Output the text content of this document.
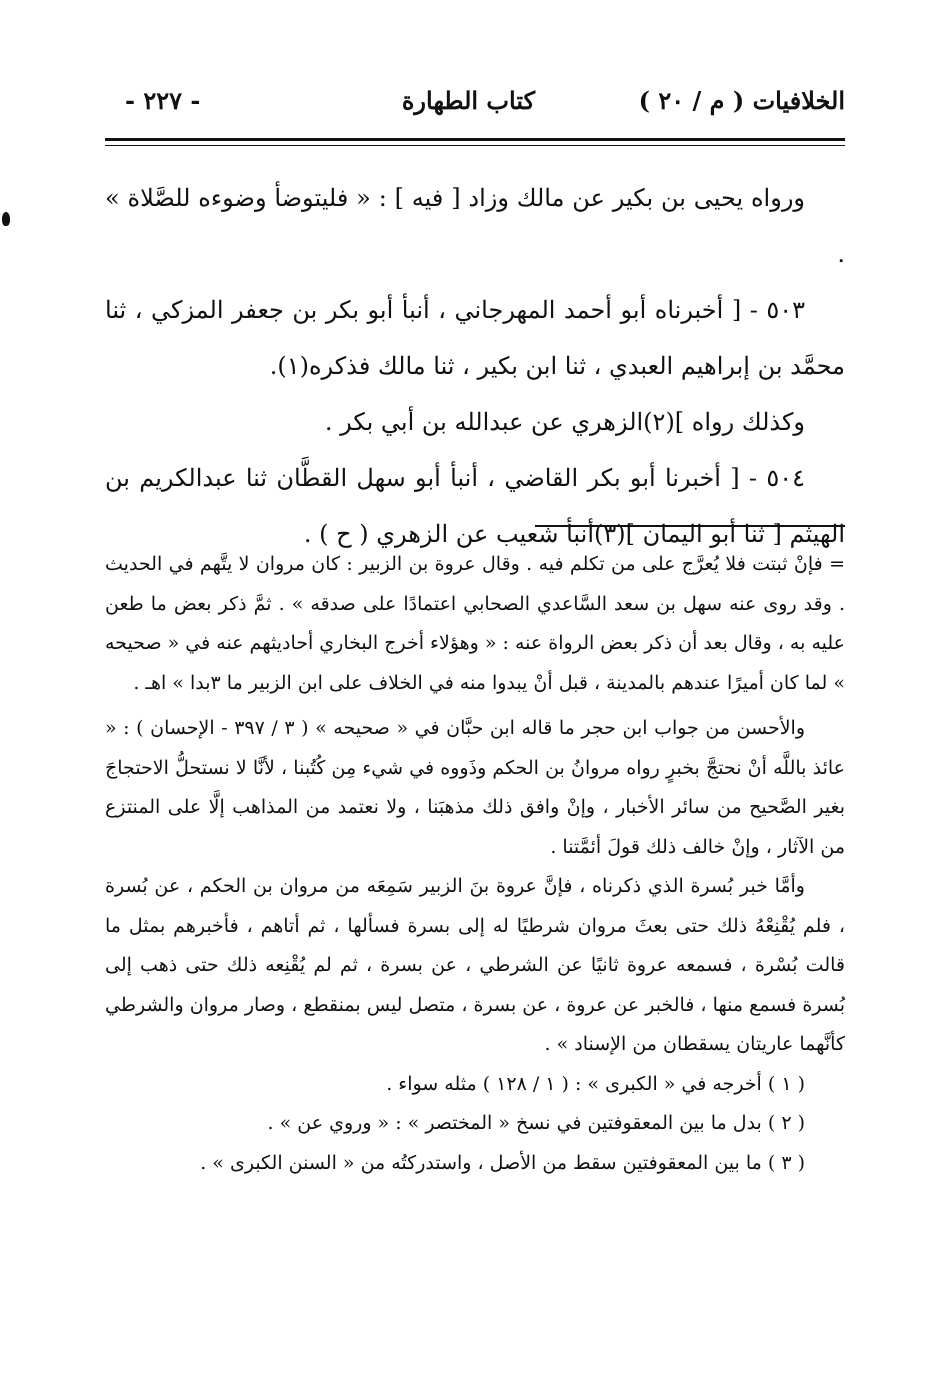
الخلافيات ( م / ٢٠ )
كتاب الطهارة
- ٢٢٧ -

ورواه يحيى بن بكير عن مالك وزاد [ فيه ] : « فليتوضأ وضوءه للصَّلاة » .

٥٠٣ - [ أخبرناه أبو أحمد المهرجاني ، أنبأ أبو بكر بن جعفر المزكي ، ثنا محمَّد بن إبراهيم العبدي ، ثنا ابن بكير ، ثنا مالك فذكره(١).

وكذلك رواه ](٢)الزهري عن عبدالله بن أبي بكر .

٥٠٤ - [ أخبرنا أبو بكر القاضي ، أنبأ أبو سهل القطَّان ثنا عبدالكريم بن الهيثم [ ثنا أبو اليمان ](٣)أنبأ شعيب عن الزهري ( ح ) .

= فإنْ ثبتت فلا يُعرَّج على من تكلم فيه . وقال عروة بن الزبير : كان مروان لا يتَّهم في الحديث . وقد روى عنه سهل بن سعد السَّاعدي الصحابي اعتمادًا على صدقه » . ثمَّ ذكر بعض ما طعن عليه به ، وقال بعد أن ذكر بعض الرواة عنه : « وهؤلاء أخرج البخاري أحاديثهم عنه في « صحيحه » لما كان أميرًا عندهم بالمدينة ، قبل أنْ يبدوا منه في الخلاف على ابن الزبير ما ٣بدا » اهـ .

والأحسن من جواب ابن حجر ما قاله ابن حبَّان في « صحيحه » ( ٣ / ٣٩٧ - الإحسان ) : « عائذ باللَّه أنْ نحتجَّ بخبرٍ رواه مروانُ بن الحكم وذَووه في شيء مِن كُتُبنا ، لأنَّا لا نستحلُّ الاحتجاجَ بغير الصَّحيح من سائر الأخبار ، وإنْ وافق ذلك مذهبَنا ، ولا نعتمد من المذاهب إلَّا على المنتزع من الآثار ، وإنْ خالف ذلك قولَ أئمَّتنا .

وأمَّا خبر بُسرة الذي ذكرناه ، فإنَّ عروة بنَ الزبير سَمِعَه من مروان بن الحكم ، عن بُسرة ، فلم يُقْنِعْهُ ذلك حتى بعثَ مروان شرطيًا له إلى بسرة فسألها ، ثم أتاهم ، فأخبرهم بمثل ما قالت بُسْرة ، فسمعه عروة ثانيًا عن الشرطي ، عن بسرة ، ثم لم يُقْنِعه ذلك حتى ذهب إلى بُسرة فسمع منها ، فالخبر عن عروة ، عن بسرة ، متصل ليس بمنقطع ، وصار مروان والشرطي كأنَّهما عاريتان يسقطان من الإسناد » .

( ١ ) أخرجه في « الكبرى » : ( ١ / ١٢٨ ) مثله سواء .

( ٢ ) بدل ما بين المعقوفتين في نسخ « المختصر » : « وروي عن » .

( ٣ ) ما بين المعقوفتين سقط من الأصل ، واستدركتُه من « السنن الكبرى » .
